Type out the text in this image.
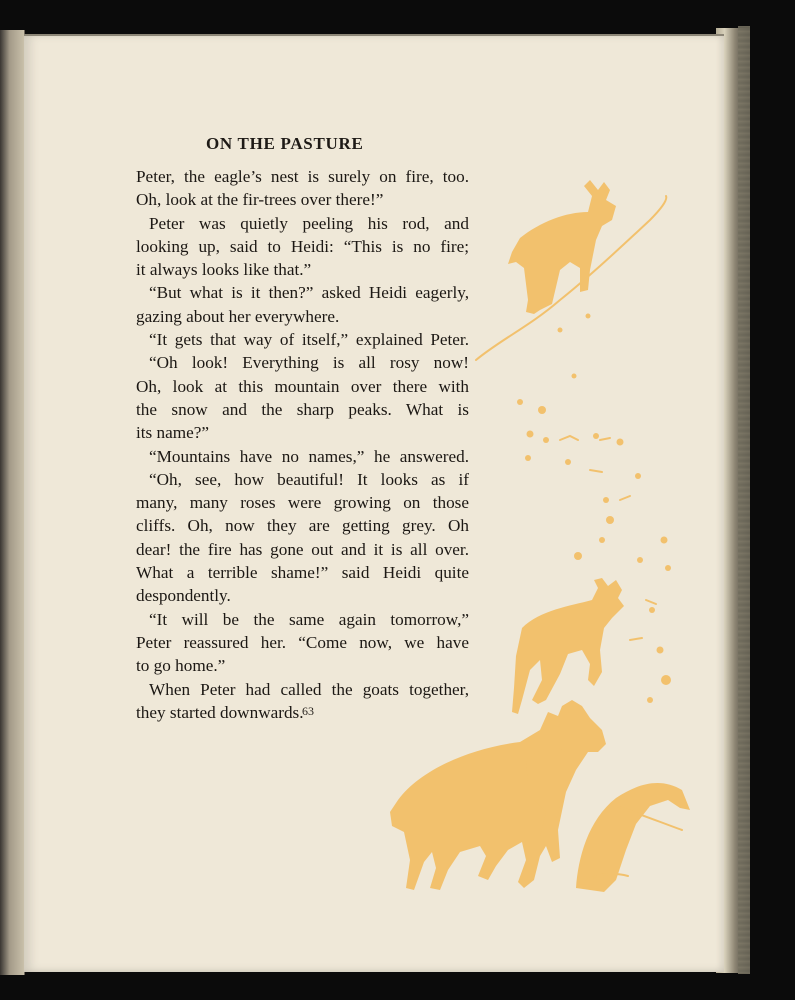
ON THE PASTURE
Peter, the eagle’s nest is surely on fire, too.
Oh, look at the fir-trees over there!”
Peter was quietly peeling his rod, and
looking up, said to Heidi: “This is no fire;
it always looks like that.”
“But what is it then?” asked Heidi eagerly,
gazing about her everywhere.
“It gets that way of itself,” explained Peter.
“Oh look! Everything is all rosy now!
Oh, look at this mountain over there with
the snow and the sharp peaks. What is
its name?”
“Mountains have no names,” he answered.
“Oh, see, how beautiful! It looks as if
many, many roses were growing on those
cliffs. Oh, now they are getting grey. Oh
dear! the fire has gone out and it is all over.
What a terrible shame!” said Heidi quite
despondently.
“It will be the same again tomorrow,”
Peter reassured her. “Come now, we have
to go home.”
When Peter had called the goats together,
they started downwards.
63
